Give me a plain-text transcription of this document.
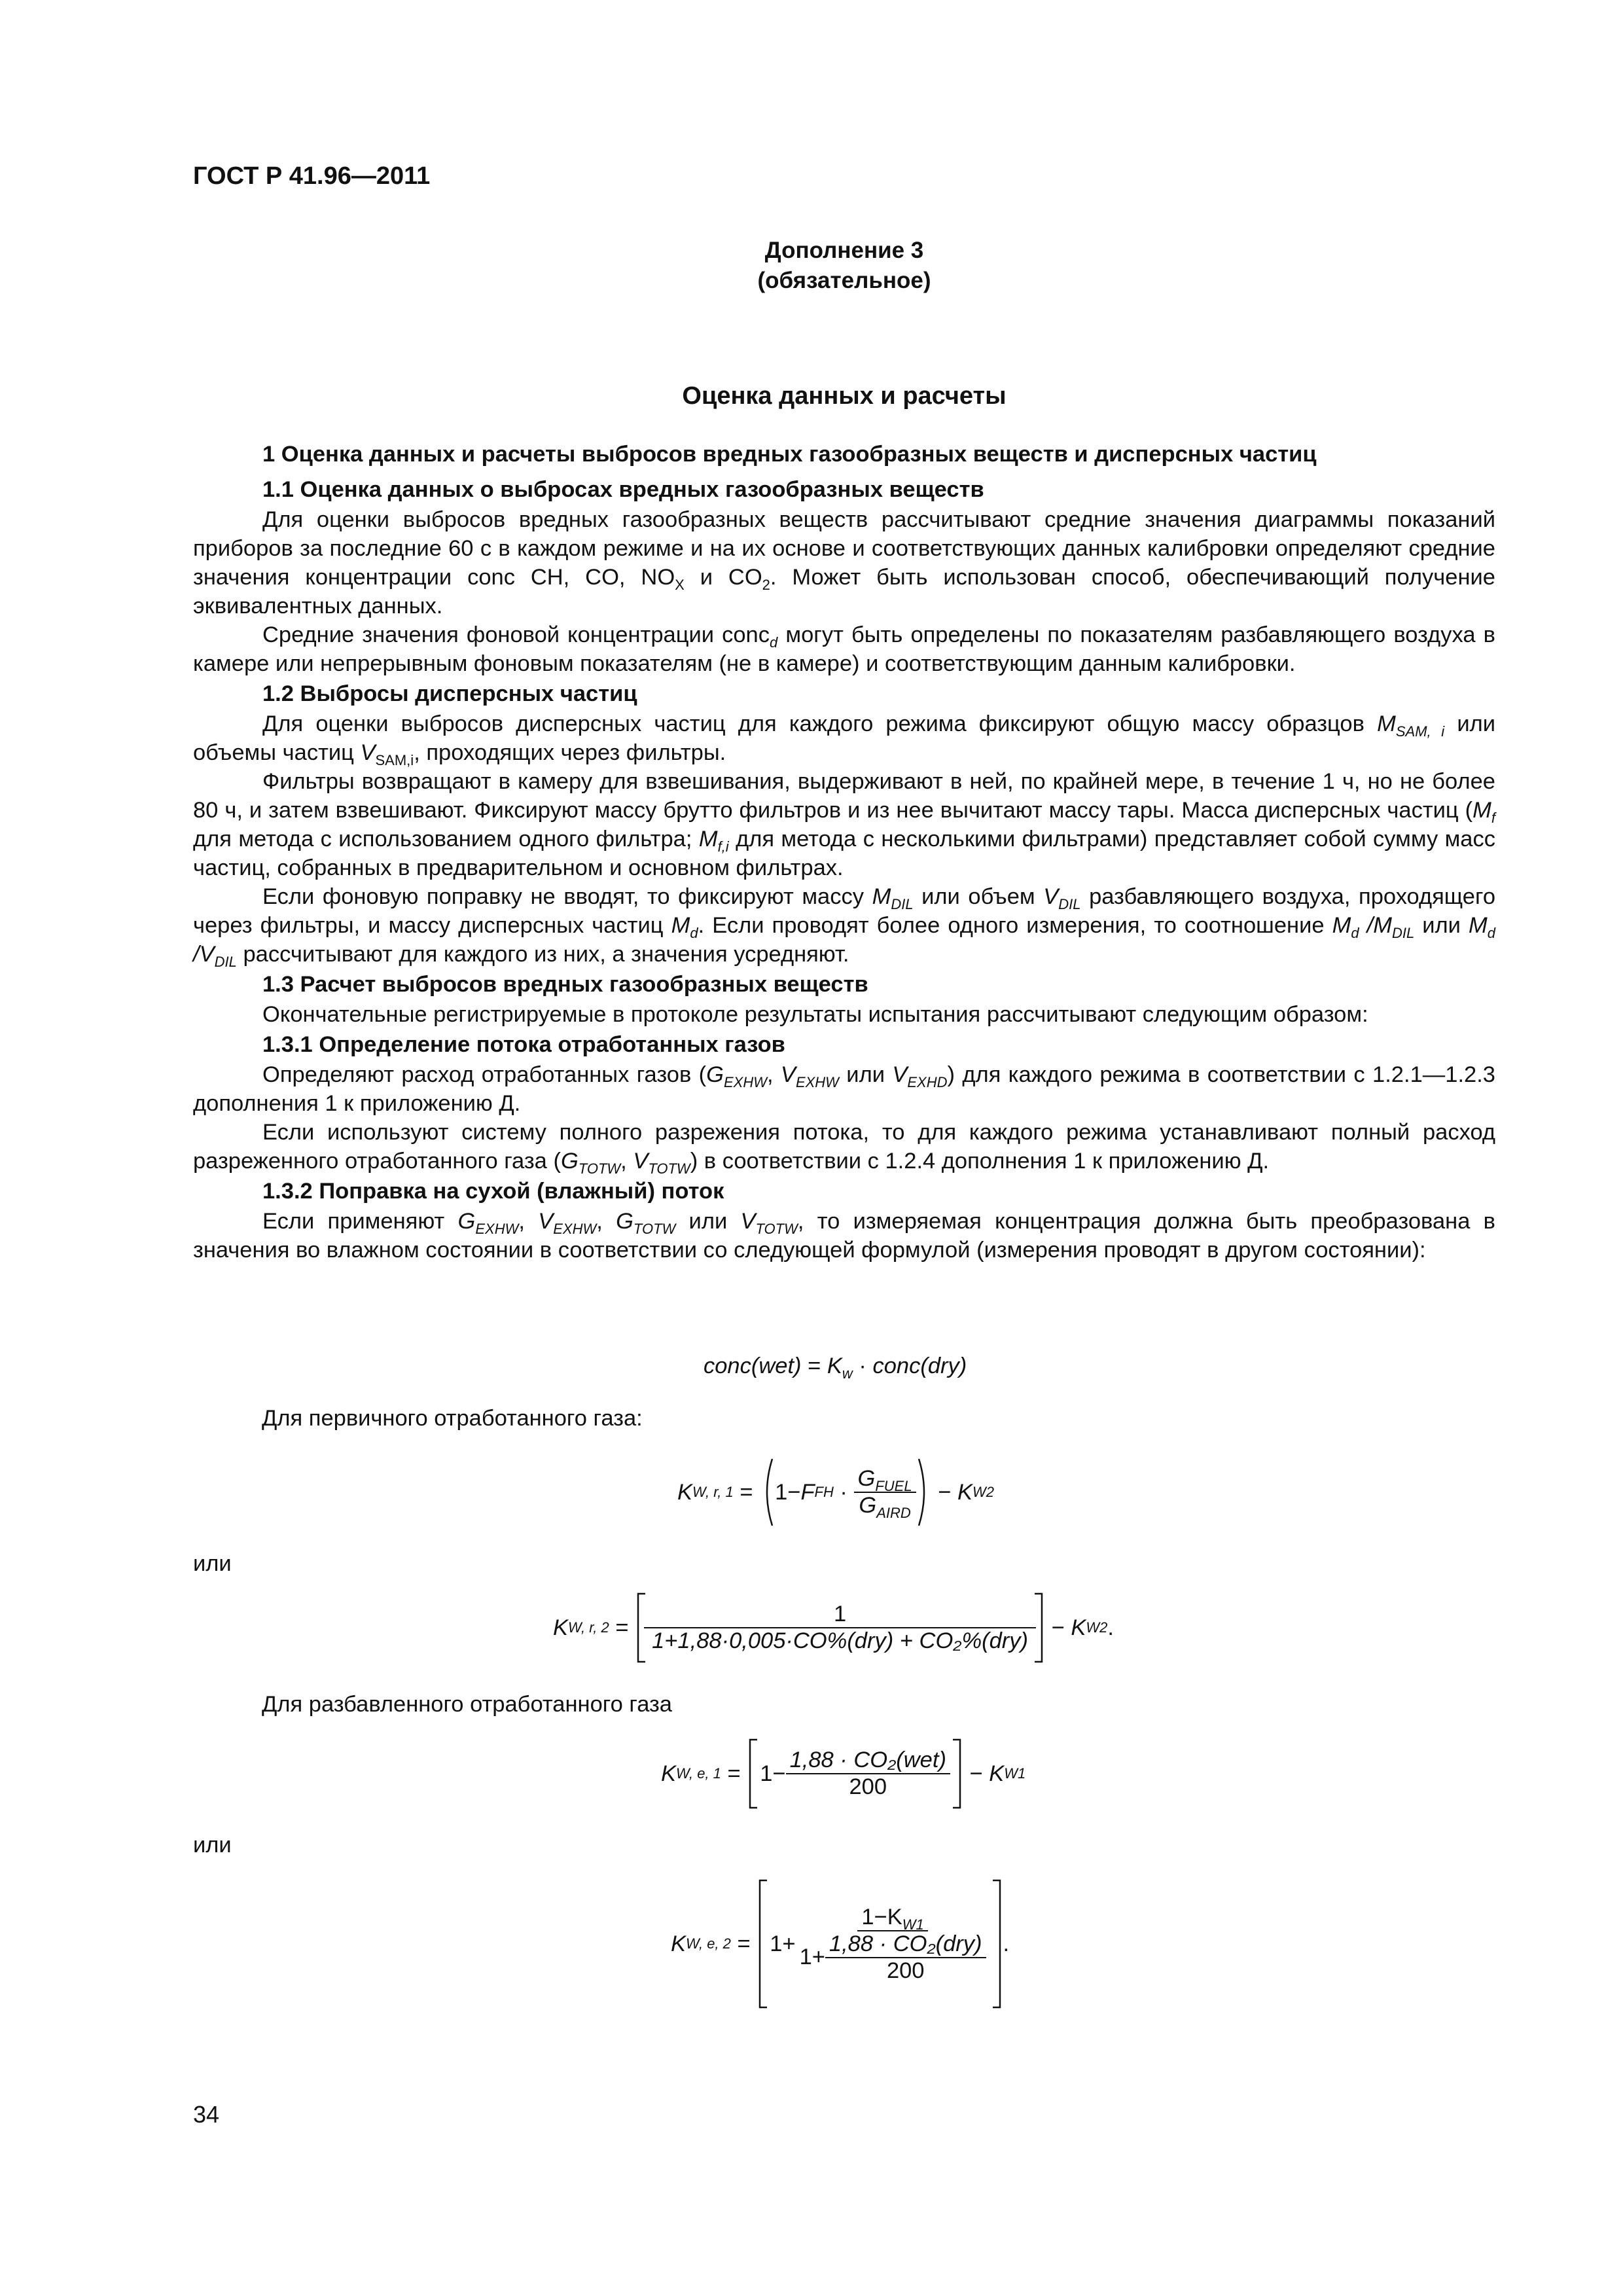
ГОСТ Р 41.96—2011
Дополнение 3
(обязательное)
Оценка данных и расчеты
1 Оценка данных и расчеты выбросов вредных газообразных веществ и дисперсных частиц
1.1 Оценка данных о выбросах вредных газообразных веществ

Для оценки выбросов вредных газообразных веществ рассчитывают средние значения диаграммы показаний приборов за последние 60 с в каждом режиме и на их основе и соответствующих данных калибровки определяют средние значения концентрации conc CH, CO, $NO_X$ и $CO_2$. Может быть использован способ, обеспечивающий получение эквивалентных данных.

Средние значения фоновой концентрации conc$_d$ могут быть определены по показателям разбавляющего воздуха в камере или непрерывным фоновым показателям (не в камере) и соответствующим данным калибровки.

1.2 Выбросы дисперсных частиц

Для оценки выбросов дисперсных частиц для каждого режима фиксируют общую массу образцов $M_{SAM, i}$ или объемы частиц $V_{SAM,i}$, проходящих через фильтры.

Фильтры возвращают в камеру для взвешивания, выдерживают в ней, по крайней мере, в течение 1 ч, но не более 80 ч, и затем взвешивают. Фиксируют массу брутто фильтров и из нее вычитают массу тары. Масса дисперсных частиц ($M_f$ для метода с использованием одного фильтра; $M_{f,i}$ для метода с несколькими фильтрами) представляет собой сумму масс частиц, собранных в предварительном и основном фильтрах.

Если фоновую поправку не вводят, то фиксируют массу $M_{DIL}$ или объем $V_{DIL}$ разбавляющего воздуха, проходящего через фильтры, и массу дисперсных частиц $M_d$. Если проводят более одного измерения, то соотношение $M_d$ $/M_{DIL}$ или $M_d$ $/V_{DIL}$ рассчитывают для каждого из них, а значения усредняют.

1.3 Расчет выбросов вредных газообразных веществ

Окончательные регистрируемые в протоколе результаты испытания рассчитывают следующим образом:

1.3.1 Определение потока отработанных газов

Определяют расход отработанных газов ($G_{EXHW}$, $V_{EXHW}$ или $V_{EXHD}$) для каждого режима в соответствии с 1.2.1—1.2.3 дополнения 1 к приложению Д.

Если используют систему полного разрежения потока, то для каждого режима устанавливают полный расход разреженного отработанного газа ($G_{TOTW}$, $V_{TOTW}$) в соответствии с 1.2.4 дополнения 1 к приложению Д.

1.3.2 Поправка на сухой (влажный) поток

Если применяют $G_{EXHW}$, $V_{EXHW}$, $G_{TOTW}$ или $V_{TOTW}$, то измеряемая концентрация должна быть преобразована в значения во влажном состоянии в соответствии со следующей формулой (измерения проводят в другом состоянии):

conc(wet) = $K_w$ · conc(dry)
Для первичного отработанного газа:
K W, r, 1 = 1− F FH · $\frac{G_{FUEL}}{G_{AIRD}} - K$ W2
или
K W, r, $2 = \frac{1}{\text{1+1,88·0,005·CO\%(dry) + CO₂\%(dry)}} - K$ W2 .
Для разбавленного отработанного газа
K W, e, $1 = 1- \frac{\text{1,88 · CO₂(wet)}}{200} - K$ W1
или
K W, e, $2 = 1+ \frac{1-K_{W1}}{1+ \frac{\text{1,88 · CO₂(dry)}}{200}}$ .
34
